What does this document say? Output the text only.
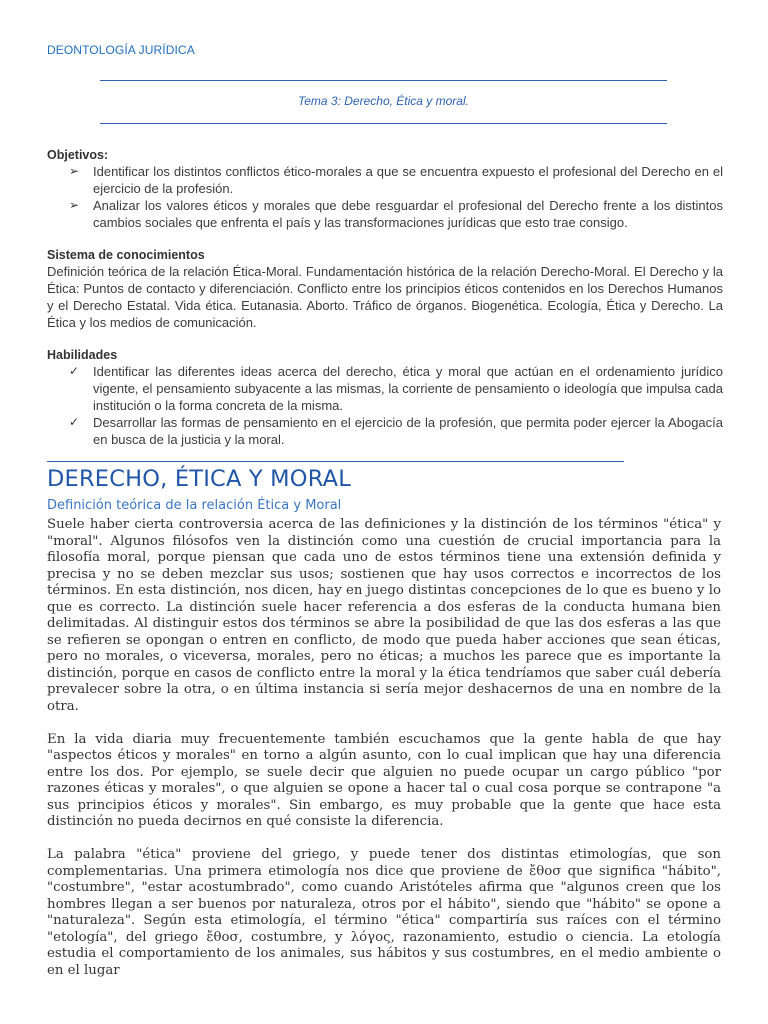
DEONTOLOGÍA JURÍDICA
Tema 3: Derecho, Ética y moral.
Objetivos:
➢ Identificar los distintos conflictos ético-morales a que se encuentra expuesto el profesional del Derecho en el ejercicio de la profesión.
➢ Analizar los valores éticos y morales que debe resguardar el profesional del Derecho frente a los distintos cambios sociales que enfrenta el país y las transformaciones jurídicas que esto trae consigo.
Sistema de conocimientos
Definición teórica de la relación Ética-Moral. Fundamentación histórica de la relación Derecho-Moral. El Derecho y la Ética: Puntos de contacto y diferenciación. Conflicto entre los principios éticos contenidos en los Derechos Humanos y el Derecho Estatal. Vida ética. Eutanasia. Aborto. Tráfico de órganos. Biogenética. Ecología, Ética y Derecho. La Ética y los medios de comunicación.
Habilidades
✓ Identificar las diferentes ideas acerca del derecho, ética y moral que actúan en el ordenamiento jurídico vigente, el pensamiento subyacente a las mismas, la corriente de pensamiento o ideología que impulsa cada institución o la forma concreta de la misma.
✓ Desarrollar las formas de pensamiento en el ejercicio de la profesión, que permita poder ejercer la Abogacía en busca de la justicia y la moral.
DERECHO, ÉTICA Y MORAL
Definición teórica de la relación Ética y Moral

Suele haber cierta controversia acerca de las definiciones y la distinción de los términos "ética" y "moral". Algunos filósofos ven la distinción como una cuestión de crucial importancia para la filosofía moral, porque piensan que cada uno de estos términos tiene una extensión definida y precisa y no se deben mezclar sus usos; sostienen que hay usos correctos e incorrectos de los términos. En esta distinción, nos dicen, hay en juego distintas concepciones de lo que es bueno y lo que es correcto. La distinción suele hacer referencia a dos esferas de la conducta humana bien delimitadas. Al distinguir estos dos términos se abre la posibilidad de que las dos esferas a las que se refieren se opongan o entren en conflicto, de modo que pueda haber acciones que sean éticas, pero no morales, o viceversa, morales, pero no éticas; a muchos les parece que es importante la distinción, porque en casos de conflicto entre la moral y la ética tendríamos que saber cuál debería prevalecer sobre la otra, o en última instancia si sería mejor deshacernos de una en nombre de la otra.

En la vida diaria muy frecuentemente también escuchamos que la gente habla de que hay "aspectos éticos y morales" en torno a algún asunto, con lo cual implican que hay una diferencia entre los dos. Por ejemplo, se suele decir que alguien no puede ocupar un cargo público "por razones éticas y morales", o que alguien se opone a hacer tal o cual cosa porque se contrapone "a sus principios éticos y morales". Sin embargo, es muy probable que la gente que hace esta distinción no pueda decirnos en qué consiste la diferencia.

La palabra "ética" proviene del griego, y puede tener dos distintas etimologías, que son complementarias. Una primera etimología nos dice que proviene de ἔθοσ que significa "hábito", "costumbre", "estar acostumbrado", como cuando Aristóteles afirma que "algunos creen que los hombres llegan a ser buenos por naturaleza, otros por el hábito", siendo que "hábito" se opone a "naturaleza". Según esta etimología, el término "ética" compartiría sus raíces con el término "etología", del griego ἔθοσ, costumbre, y λόγος, razonamiento, estudio o ciencia. La etología estudia el comportamiento de los animales, sus hábitos y sus costumbres, en el medio ambiente o en el lugar
